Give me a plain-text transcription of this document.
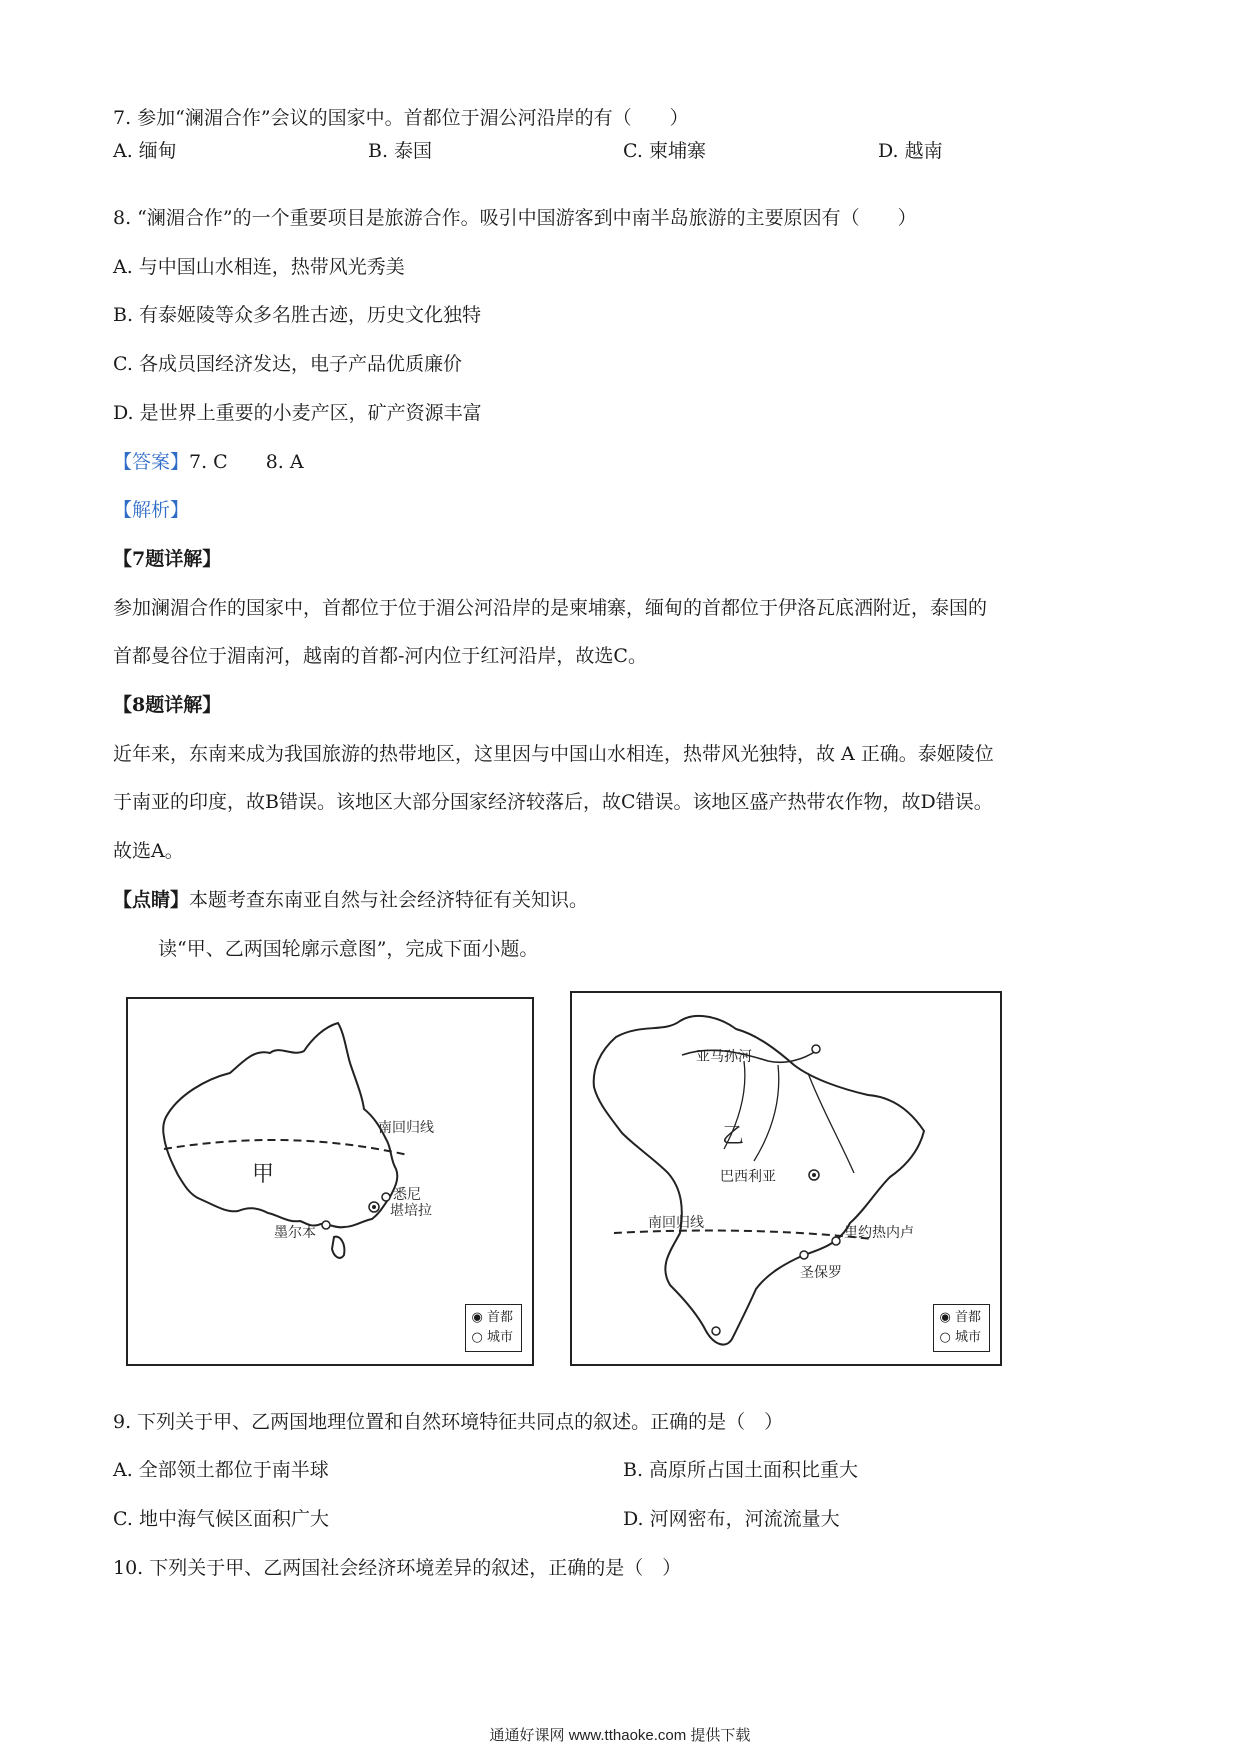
7. 参加“澜湄合作”会议的国家中。首都位于湄公河沿岸的有（　　）
A. 缅甸	B. 泰国	C. 柬埔寨	D. 越南
8. “澜湄合作”的一个重要项目是旅游合作。吸引中国游客到中南半岛旅游的主要原因有（　　）
A. 与中国山水相连，热带风光秀美
B. 有泰姬陵等众多名胜古迹，历史文化独特
C. 各成员国经济发达，电子产品优质廉价
D. 是世界上重要的小麦产区，矿产资源丰富
【答案】7. C　　8. A
【解析】
【7题详解】
参加澜湄合作的国家中，首都位于位于湄公河沿岸的是柬埔寨，缅甸的首都位于伊洛瓦底洒附近，泰国的
首都曼谷位于湄南河，越南的首都-河内位于红河沿岸，故选C。
【8题详解】
近年来，东南来成为我国旅游的热带地区，这里因与中国山水相连，热带风光独特，故 A 正确。泰姬陵位
于南亚的印度，故B错误。该地区大部分国家经济较落后，故C错误。该地区盛产热带农作物，故D错误。
故选A。
【点睛】本题考查东南亚自然与社会经济特征有关知识。
读“甲、乙两国轮廓示意图”，完成下面小题。
甲
南回归线
悉尼
堪培拉
墨尔本
◉ 首都
○ 城市
亚马孙河
乙
巴西利亚
南回归线
里约热内卢
圣保罗
◉ 首都
○ 城市
9. 下列关于甲、乙两国地理位置和自然环境特征共同点的叙述。正确的是（　）
A. 全部领土都位于南半球	B. 高原所占国土面积比重大
C. 地中海气候区面积广大	D. 河网密布，河流流量大
10. 下列关于甲、乙两国社会经济环境差异的叙述，正确的是（　）
通通好课网 www.tthaoke.com 提供下载
